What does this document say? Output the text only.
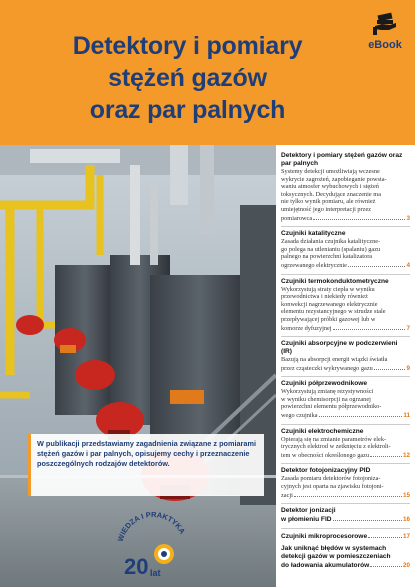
Detektory i pomiary
stężeń gazów
oraz par palnych
eBook
W publikacji przedstawiamy zagadnienia związane z pomiarami stężeń gazów i par palnych, opisujemy cechy i przeznaczenie poszczególnych rodzajów detektorów.
WIEDZA I PRAKTYKA
20 lat
Detektory i pomiary stężeń gazów oraz par palnych
Systemy detekcji umożliwiają wczesne
wykrycie zagrożeń, zapobieganie powsta-
waniu atmosfer wybuchowych i stężeń
toksycznych. Decydujące znaczenie ma
nie tylko wynik pomiaru, ale również
umiejętność jego interpretacji przez
pomiarowca	3
Czujniki katalityczne
Zasada działania czujnika katalityczne-
go polega na utlenianiu (spalaniu) gazu
palnego na powierzchni katalizatora
ogrzewanego elektrycznie	4
Czujniki termokonduktometryczne
Wykorzystują straty ciepła w wyniku
przewodnictwa i niekiedy również
konwekcji nagrzewanego elektrycznie
elementu rezystancyjnego w strudze stale
przepływającej próbki gazowej lub w
komorze dyfuzyjnej	7
Czujniki absorpcyjne w podczerwieni (IR)
Bazują na absorpcji energii wiązki światła
przez cząsteczki wykrywanego gazu	9
Czujniki półprzewodnikowe
Wykorzystują zmianę rezystywności
w wyniku chemisorpcji na ogrzanej
powierzchni elementu półprzewodniko-
wego czujnika	11
Czujniki elektrochemiczne
Opierają się na zmianie parametrów elek-
trycznych elektrod w zetknięciu z elektroli-
tem w obecności określonego gazu	12
Detektor fotojonizacyjny PID
Zasada pomiaru detektorów fotojoniza-
cyjnych jest oparta na zjawisku fotojoni-
zacji	15
Detektor jonizacji
w płomieniu FID	16
Czujniki mikroprocesorowe	17
Jak uniknąć błędów w systemach detekcji gazów w pomieszczeniach
do ładowania akumulatorów	20
